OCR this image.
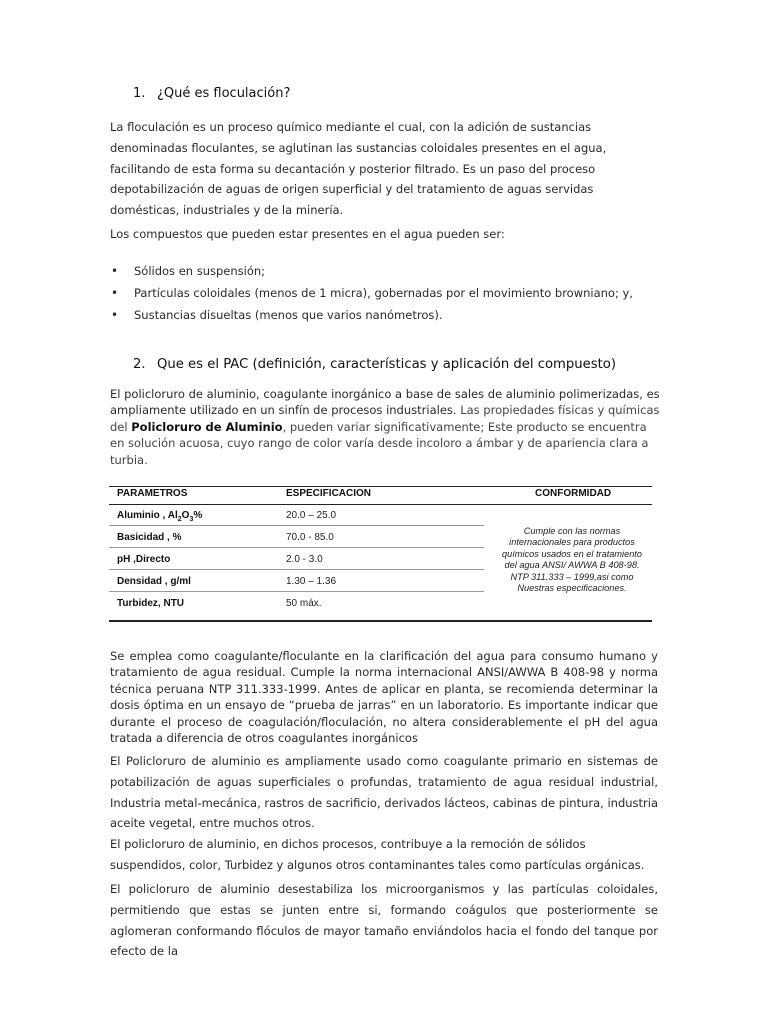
1. ¿Qué es floculación?

La floculación es un proceso químico mediante el cual, con la adición de sustancias denominadas floculantes, se aglutinan las sustancias coloidales presentes en el agua, facilitando de esta forma su decantación y posterior filtrado. Es un paso del proceso depotabilización de aguas de origen superficial y del tratamiento de aguas servidas domésticas, industriales y de la minería.

Los compuestos que pueden estar presentes en el agua pueden ser:

• Sólidos en suspensión;
• Partículas coloidales (menos de 1 micra), gobernadas por el movimiento browniano; y,
• Sustancias disueltas (menos que varios nanómetros).
2. Que es el PAC (definición, características y aplicación del compuesto)

El policloruro de aluminio, coagulante inorgánico a base de sales de aluminio polimerizadas, es ampliamente utilizado en un sinfín de procesos industriales. Las propiedades físicas y químicas del Policloruro de Aluminio, pueden variar significativamente; Este producto se encuentra en solución acuosa, cuyo rango de color varía desde incoloro a ámbar y de apariencia clara a turbia.

PARAMETROS	ESPECIFICACION	CONFORMIDAD
Aluminio , $Al_2O_3\%$	20.0 – 25.0
Basicidad , %	70.0 - 85.0
pH ,Directo	2.0 - 3.0
Densidad , g/ml	1.30 – 1.36
Turbidez, NTU	50 máx.
Cumple con las normas internacionales para productos químicos usados en el tratamiento del agua ANSI/ AWWA B 408-98. NTP 311.333 – 1999,asi como Nuestras especificaciones.

Se emplea como coagulante/floculante en la clarificación del agua para consumo humano y tratamiento de agua residual. Cumple la norma internacional ANSI/AWWA B 408-98 y norma técnica peruana NTP 311.333-1999. Antes de aplicar en planta, se recomienda determinar la dosis óptima en un ensayo de “prueba de jarras” en un laboratorio. Es importante indicar que durante el proceso de coagulación/floculación, no altera considerablemente el pH del agua tratada a diferencia de otros coagulantes inorgánicos

El Policloruro de aluminio es ampliamente usado como coagulante primario en sistemas de potabilización de aguas superficiales o profundas, tratamiento de agua residual industrial, Industria metal-mecánica, rastros de sacrificio, derivados lácteos, cabinas de pintura, industria aceite vegetal, entre muchos otros.

El policloruro de aluminio, en dichos procesos, contribuye a la remoción de sólidos suspendidos, color, Turbidez y algunos otros contaminantes tales como partículas orgánicas.

El policloruro de aluminio desestabiliza los microorganismos y las partículas coloidales, permitiendo que estas se junten entre si, formando coágulos que posteriormente se aglomeran conformando flóculos de mayor tamaño enviándolos hacia el fondo del tanque por efecto de la
